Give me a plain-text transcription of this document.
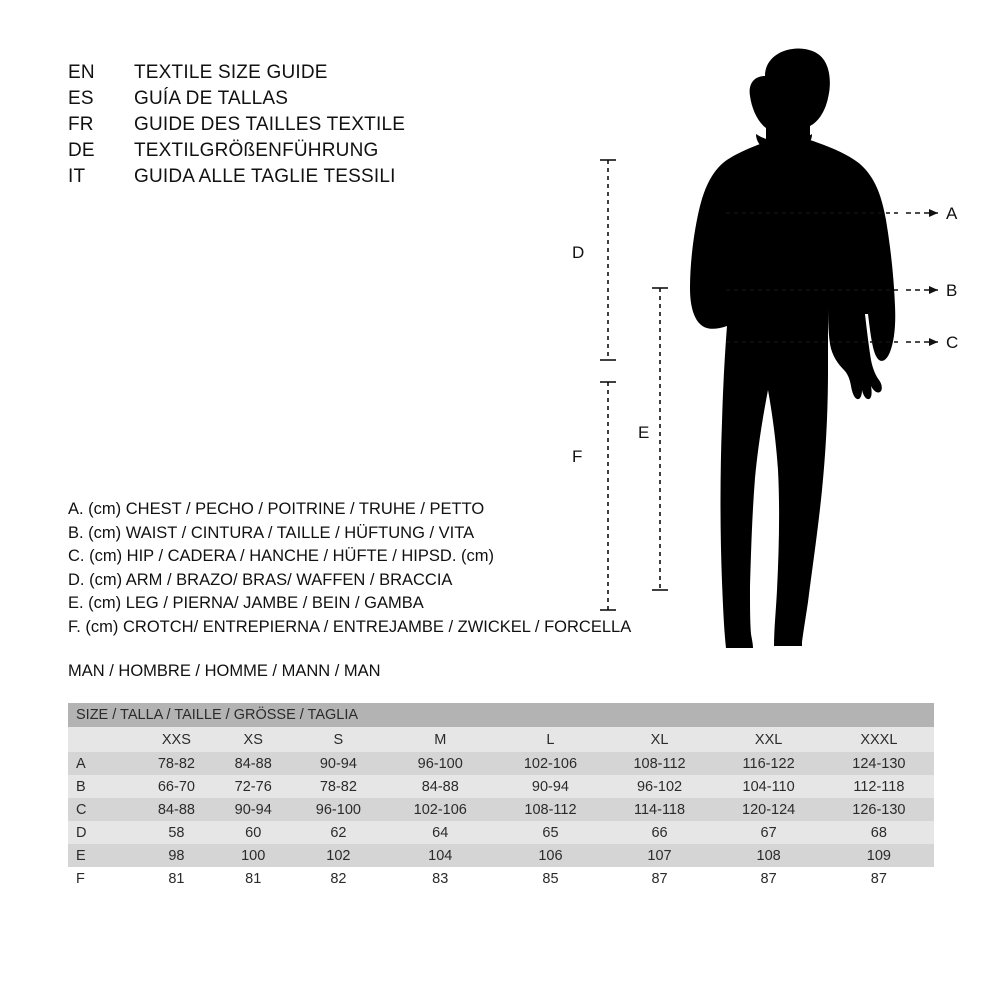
EN	TEXTILE SIZE GUIDE
ES	GUÍA DE TALLAS
FR	GUIDE DES TAILLES TEXTILE
DE	TEXTILGRÖßENFÜHRUNG
IT	GUIDA ALLE TAGLIE TESSILI
A
B
C
D
E
F
A. (cm) CHEST / PECHO / POITRINE / TRUHE / PETTO
B. (cm) WAIST / CINTURA / TAILLE / HÜFTUNG / VITA
C. (cm) HIP / CADERA / HANCHE / HÜFTE / HIPSD. (cm)
D. (cm) ARM / BRAZO/ BRAS/ WAFFEN / BRACCIA
E. (cm) LEG / PIERNA/ JAMBE / BEIN / GAMBA
F. (cm) CROTCH/ ENTREPIERNA / ENTREJAMBE / ZWICKEL / FORCELLA
MAN / HOMBRE / HOMME / MANN / MAN
SIZE / TALLA / TAILLE / GRÖSSE / TAGLIA								
	XXS	XS	S	M	L	XL	XXL	XXXL
A	78-82	84-88	90-94	96-100	102-106	108-112	116-122	124-130
B	66-70	72-76	78-82	84-88	90-94	96-102	104-110	112-118
C	84-88	90-94	96-100	102-106	108-112	114-118	120-124	126-130
D	58	60	62	64	65	66	67	68
E	98	100	102	104	106	107	108	109
F	81	81	82	83	85	87	87	87
